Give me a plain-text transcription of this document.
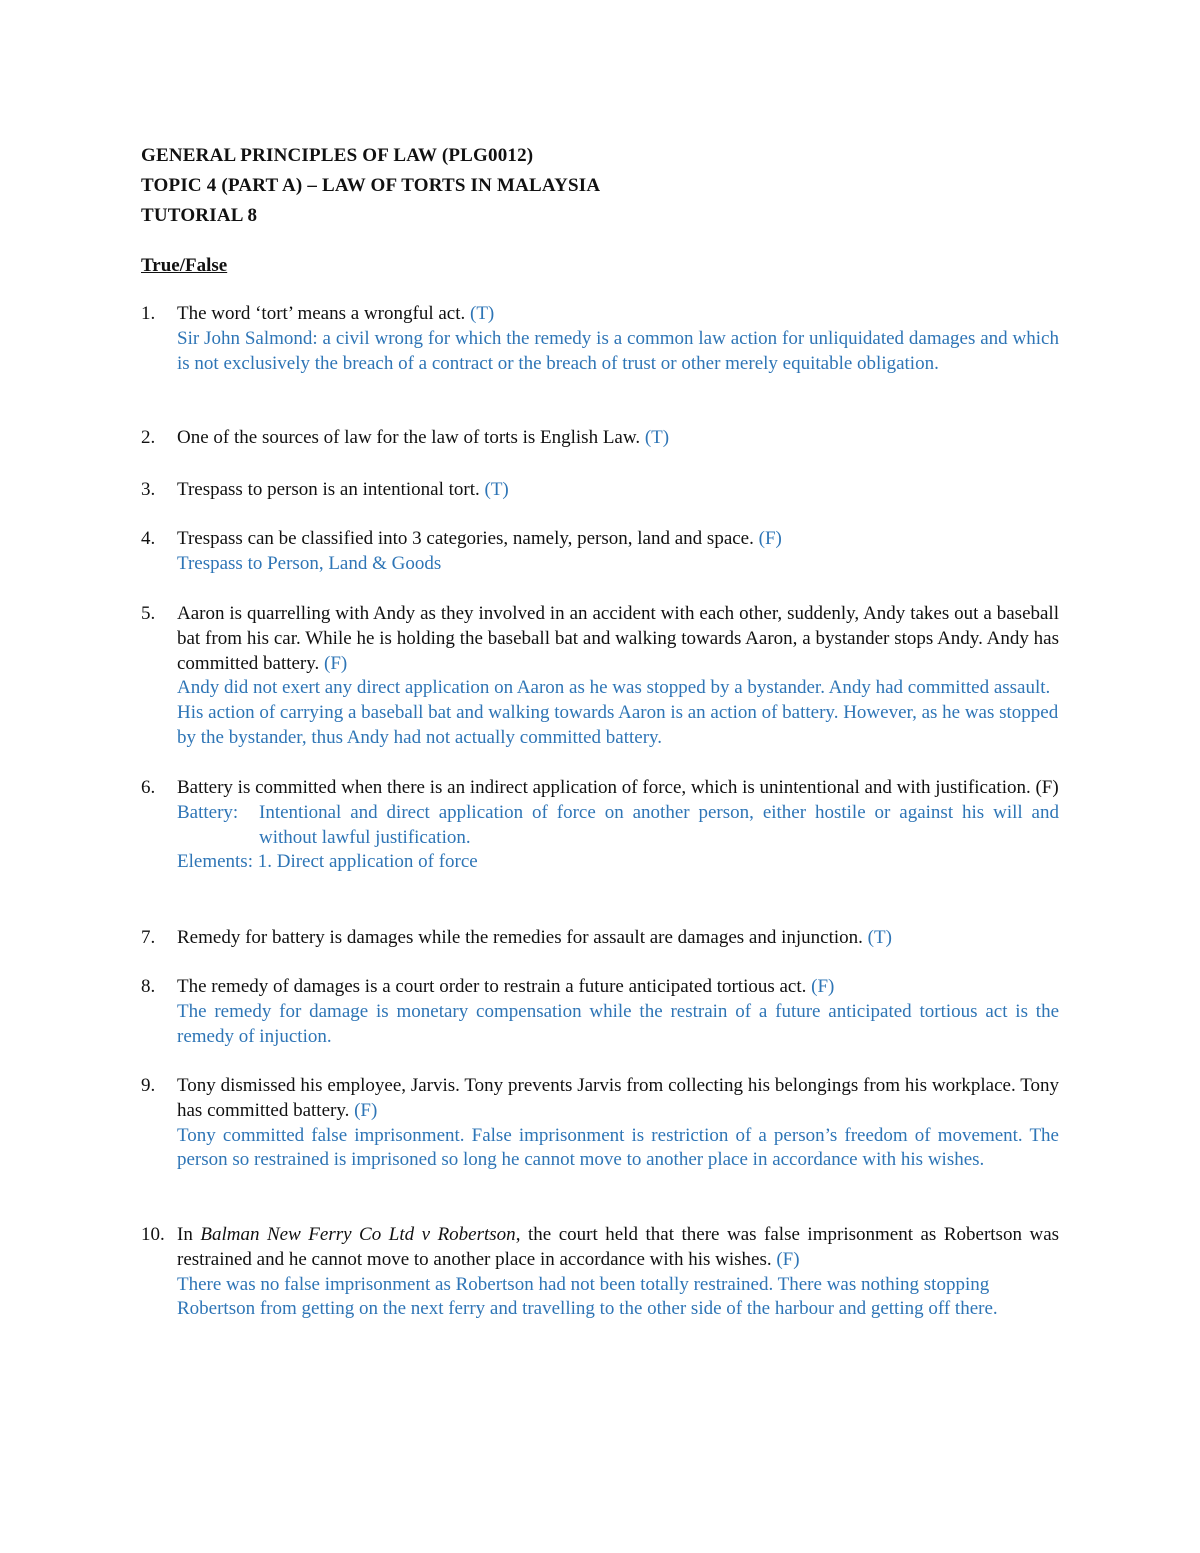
GENERAL PRINCIPLES OF LAW (PLG0012)
TOPIC 4 (PART A) – LAW OF TORTS IN MALAYSIA
TUTORIAL 8
True/False
1.	The word ‘tort’ means a wrongful act. (T)
Sir John Salmond: a civil wrong for which the remedy is a common law action for unliquidated damages and which is not exclusively the breach of a contract or the breach of trust or other merely equitable obligation.
2.	One of the sources of law for the law of torts is English Law. (T)
3.	Trespass to person is an intentional tort. (T)
4.	Trespass can be classified into 3 categories, namely, person, land and space. (F)
Trespass to Person, Land & Goods
5.	Aaron is quarrelling with Andy as they involved in an accident with each other, suddenly, Andy takes out a baseball bat from his car. While he is holding the baseball bat and walking towards Aaron, a bystander stops Andy. Andy has committed battery. (F)
Andy did not exert any direct application on Aaron as he was stopped by a bystander. Andy had committed assault. His action of carrying a baseball bat and walking towards Aaron is an action of battery. However, as he was stopped by the bystander, thus Andy had not actually committed battery.
6.	Battery is committed when there is an indirect application of force, which is unintentional and with justification. (F)
Battery:	Intentional and direct application of force on another person, either hostile or against his will and without lawful justification.
Elements: 1. Direct application of force
7.	Remedy for battery is damages while the remedies for assault are damages and injunction. (T)
8.	The remedy of damages is a court order to restrain a future anticipated tortious act. (F)
The remedy for damage is monetary compensation while the restrain of a future anticipated tortious act is the remedy of injuction.
9.	Tony dismissed his employee, Jarvis. Tony prevents Jarvis from collecting his belongings from his workplace. Tony has committed battery. (F)
Tony committed false imprisonment. False imprisonment is restriction of a person’s freedom of movement. The person so restrained is imprisoned so long he cannot move to another place in accordance with his wishes.
10. In Balman New Ferry Co Ltd v Robertson, the court held that there was false imprisonment as Robertson was restrained and he cannot move to another place in accordance with his wishes. (F)
There was no false imprisonment as Robertson had not been totally restrained. There was nothing stopping Robertson from getting on the next ferry and travelling to the other side of the harbour and getting off there.
